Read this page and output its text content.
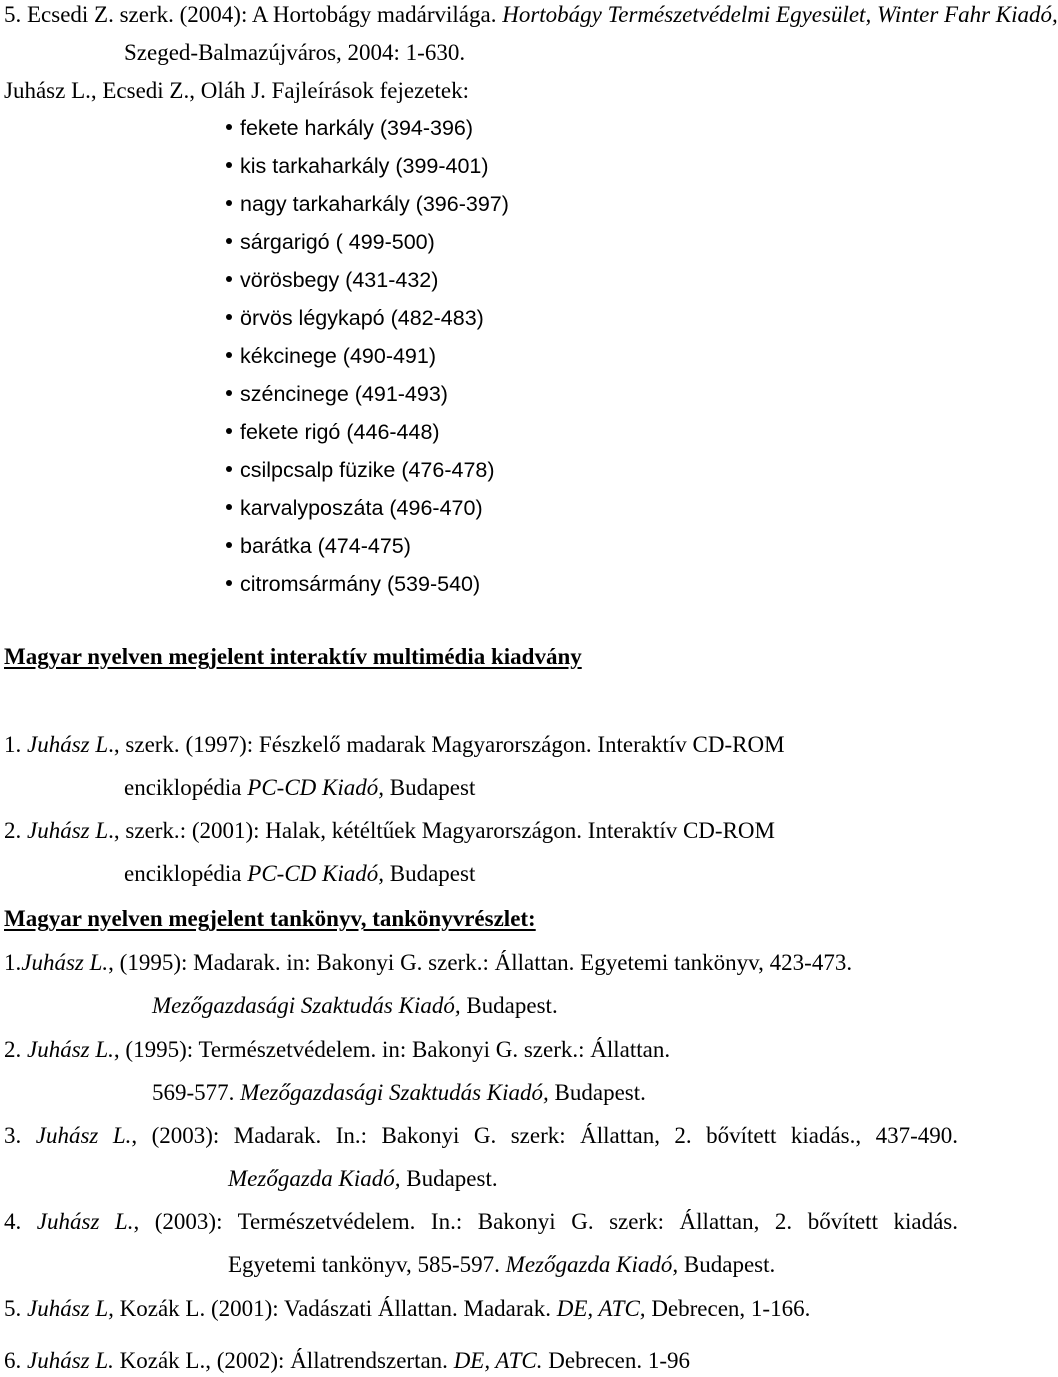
5. Ecsedi Z. szerk. (2004): A Hortobágy madárvilága. Hortobágy Természetvédelmi Egyesület, Winter Fahr Kiadó,
Szeged-Balmazújváros, 2004: 1-630.
Juhász L., Ecsedi Z., Oláh J. Fajleírások fejezetek:
fekete harkály (394-396)
kis tarkaharkály (399-401)
nagy tarkaharkály (396-397)
sárgarigó ( 499-500)
vörösbegy (431-432)
örvös légykapó (482-483)
kékcinege (490-491)
széncinege (491-493)
fekete rigó (446-448)
csilpcsalp füzike (476-478)
karvalyposzáta (496-470)
barátka (474-475)
citromsármány (539-540)
Magyar nyelven megjelent interaktív multimédia kiadvány
1. Juhász L., szerk. (1997): Fészkelő madarak Magyarországon. Interaktív CD-ROM
enciklopédia PC-CD Kiadó, Budapest
2. Juhász L., szerk.: (2001): Halak, kétéltűek Magyarországon. Interaktív CD-ROM
enciklopédia PC-CD Kiadó, Budapest
Magyar nyelven megjelent tankönyv, tankönyvrészlet:
1.Juhász L., (1995): Madarak. in: Bakonyi G. szerk.: Állattan. Egyetemi tankönyv, 423-473.
Mezőgazdasági Szaktudás Kiadó, Budapest.
2. Juhász L., (1995): Természetvédelem. in: Bakonyi G. szerk.: Állattan.
569-577. Mezőgazdasági Szaktudás Kiadó, Budapest.
3. Juhász L., (2003): Madarak. In.: Bakonyi G. szerk: Állattan, 2. bővített kiadás., 437-490.
Mezőgazda Kiadó, Budapest.
4. Juhász L., (2003): Természetvédelem. In.: Bakonyi G. szerk: Állattan, 2. bővített kiadás.
Egyetemi tankönyv, 585-597. Mezőgazda Kiadó, Budapest.
5. Juhász L, Kozák L. (2001): Vadászati Állattan. Madarak. DE, ATC, Debrecen, 1-166.
6. Juhász L. Kozák L., (2002): Állatrendszertan. DE, ATC. Debrecen. 1-96
